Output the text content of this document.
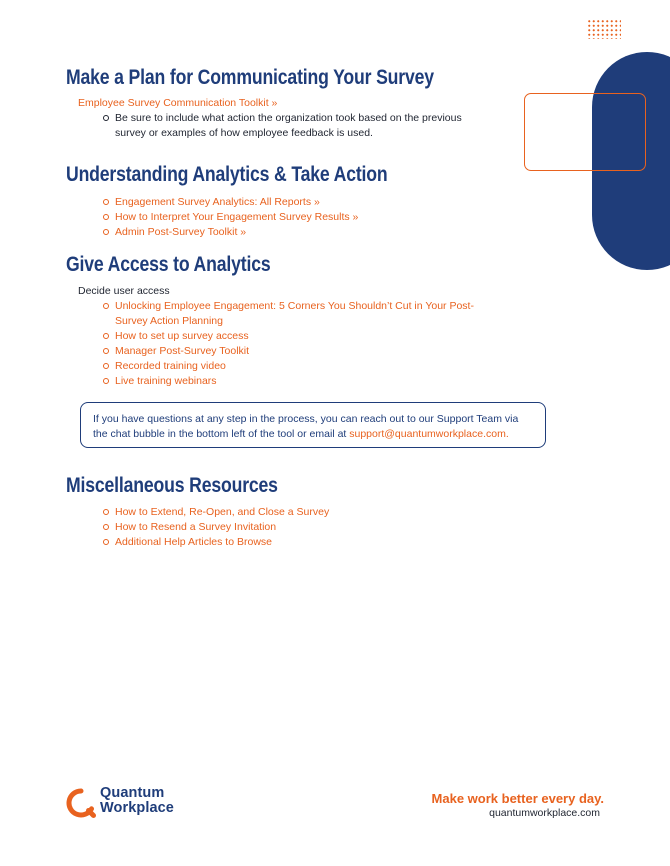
Make a Plan for Communicating Your Survey
Employee Survey Communication Toolkit »
Be sure to include what action the organization took based on the previous survey or examples of how employee feedback is used.
Understanding Analytics & Take Action
Engagement Survey Analytics: All Reports »
How to Interpret Your Engagement Survey Results »
Admin Post-Survey Toolkit »
Give Access to Analytics
Decide user access
Unlocking Employee Engagement: 5 Corners You Shouldn’t Cut in Your Post-Survey Action Planning
How to set up survey access
Manager Post-Survey Toolkit
Recorded training video
Live training webinars
If you have questions at any step in the process, you can reach out to our Support Team via the chat bubble in the bottom left of the tool or email at support@quantumworkplace.com.
Miscellaneous Resources
How to Extend, Re-Open, and Close a Survey
How to Resend a Survey Invitation
Additional Help Articles to Browse
Quantum
Workplace
Make work better every day.
quantumworkplace.com
